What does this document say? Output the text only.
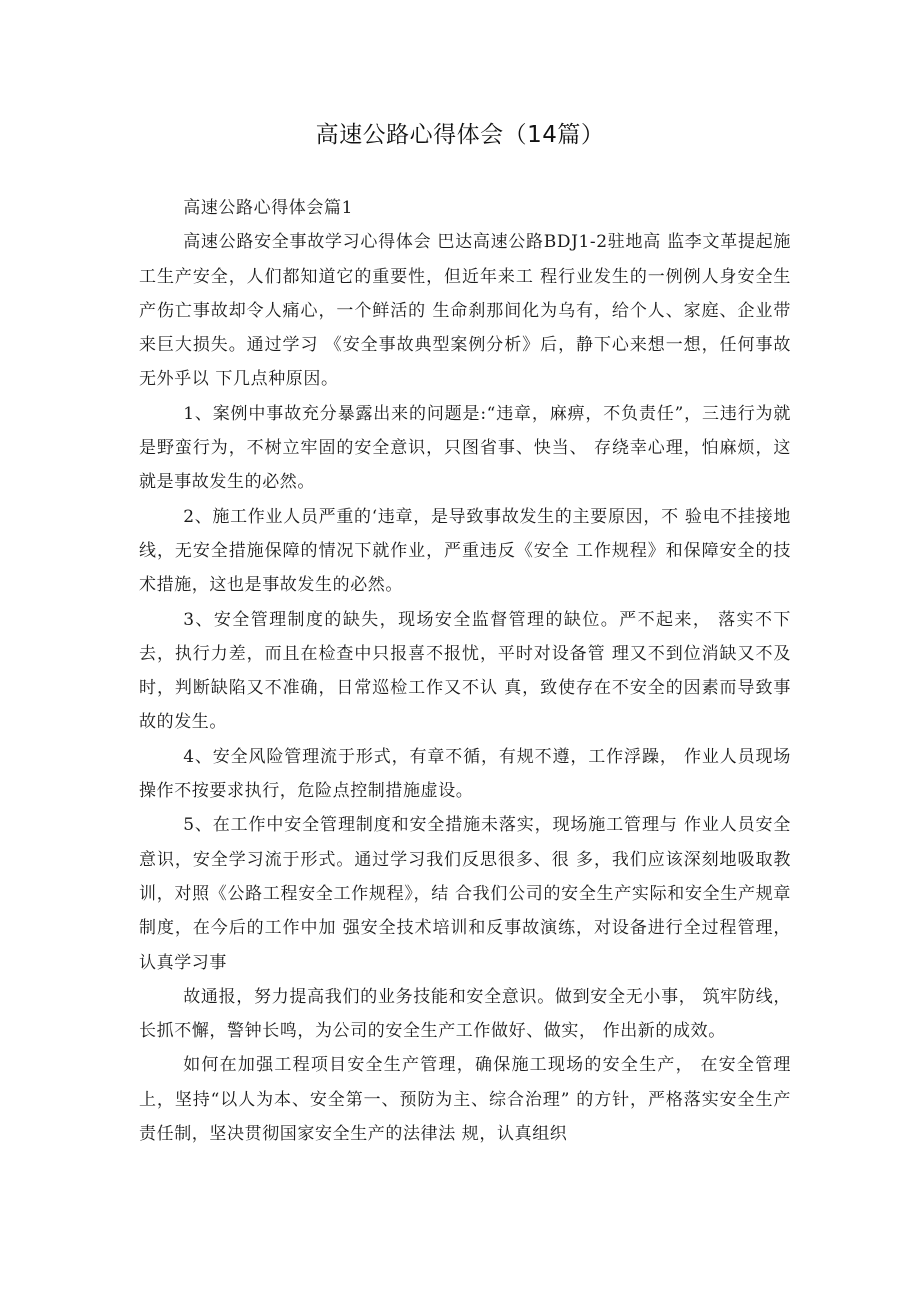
高速公路心得体会（14篇）

高速公路心得体会篇1

高速公路安全事故学习心得体会 巴达高速公路BDJ1-2驻地高 监李文革提起施工生产安全，人们都知道它的重要性，但近年来工 程行业发生的一例例人身安全生产伤亡事故却令人痛心，一个鲜活的 生命刹那间化为乌有，给个人、家庭、企业带来巨大损失。通过学习 《安全事故典型案例分析》后，静下心来想一想，任何事故无外乎以 下几点种原因。

1、案例中事故充分暴露出来的问题是:“违章，麻痹，不负责任”，三违行为就是野蛮行为，不树立牢固的安全意识，只图省事、快当、 存绕幸心理，怕麻烦，这就是事故发生的必然。

2、施工作业人员严重的‘违章，是导致事故发生的主要原因，不 验电不挂接地线，无安全措施保障的情况下就作业，严重违反《安全 工作规程》和保障安全的技术措施，这也是事故发生的必然。

3、安全管理制度的缺失，现场安全监督管理的缺位。严不起来， 落实不下去，执行力差，而且在检查中只报喜不报忧，平时对设备管 理又不到位消缺又不及时，判断缺陷又不准确，日常巡检工作又不认 真，致使存在不安全的因素而导致事故的发生。

4、安全风险管理流于形式，有章不循，有规不遵，工作浮躁， 作业人员现场操作不按要求执行，危险点控制措施虚设。

5、在工作中安全管理制度和安全措施未落实，现场施工管理与 作业人员安全意识，安全学习流于形式。通过学习我们反思很多、很 多，我们应该深刻地吸取教训，对照《公路工程安全工作规程》，结 合我们公司的安全生产实际和安全生产规章制度，在今后的工作中加 强安全技术培训和反事故演练，对设备进行全过程管理，认真学习事

故通报，努力提高我们的业务技能和安全意识。做到安全无小事， 筑牢防线，长抓不懈，警钟长鸣，为公司的安全生产工作做好、做实， 作出新的成效。

如何在加强工程项目安全生产管理，确保施工现场的安全生产， 在安全管理上，坚持“以人为本、安全第一、预防为主、综合治理” 的方针，严格落实安全生产责任制，坚决贯彻国家安全生产的法律法 规，认真组织
